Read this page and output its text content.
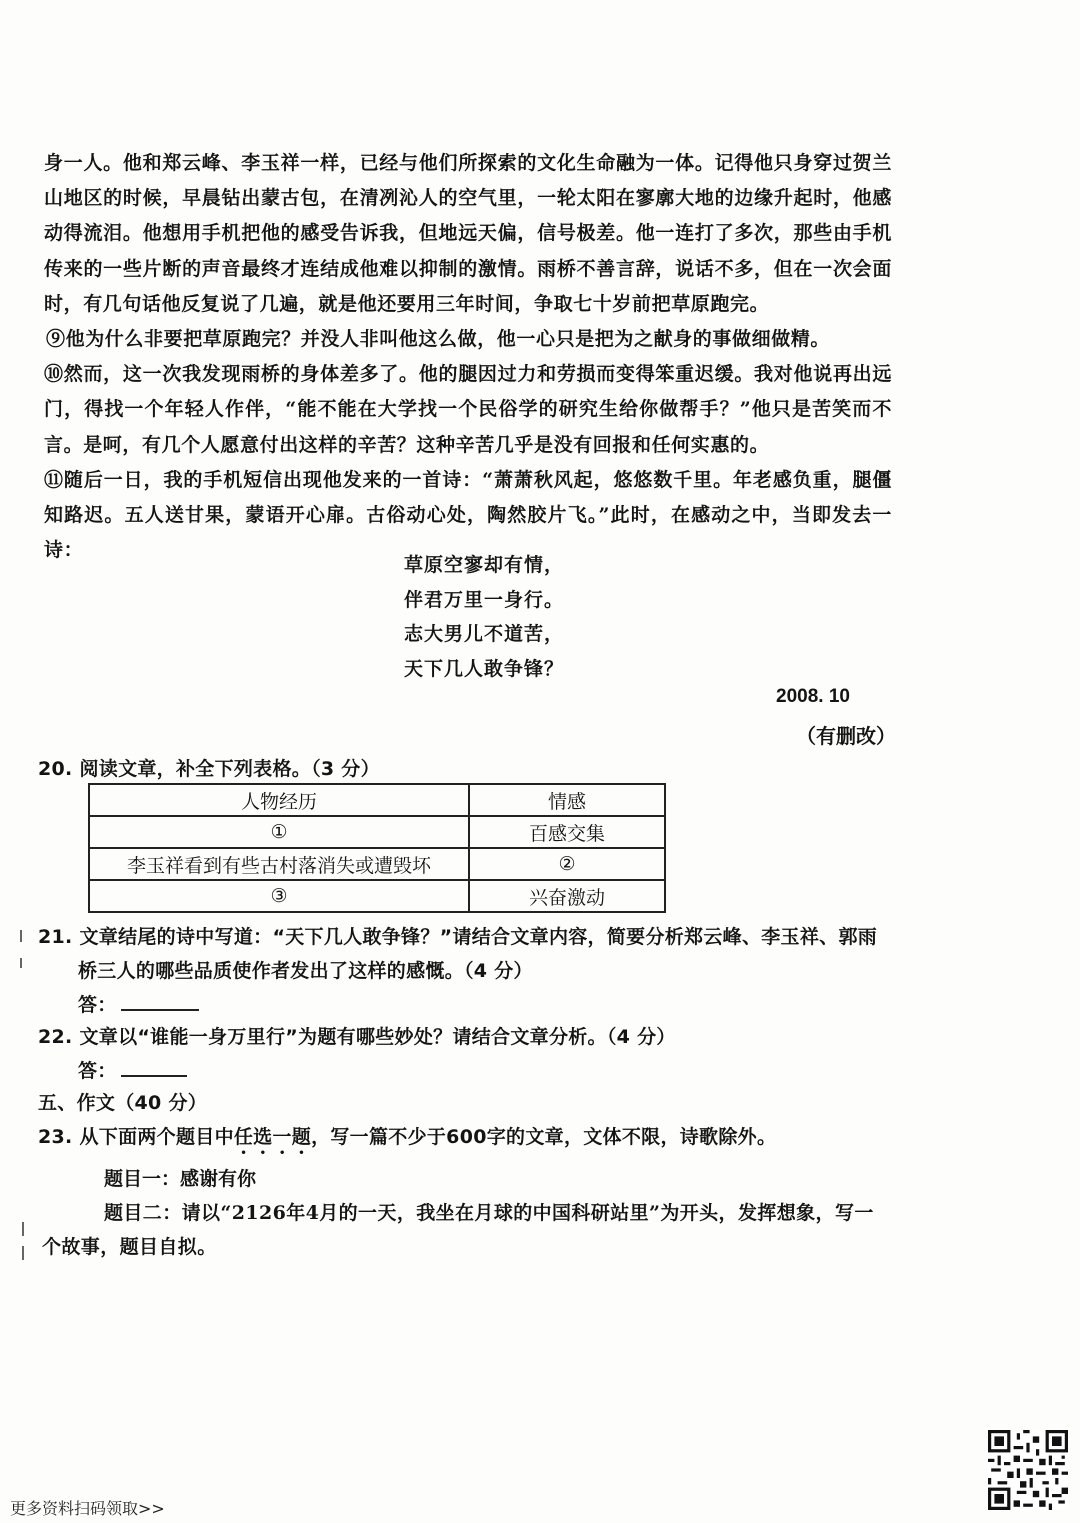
身一人。他和郑云峰、李玉祥一样，已经与他们所探索的文化生命融为一体。记得他只身穿过贺兰山地区的时候，早晨钻出蒙古包，在清冽沁人的空气里，一轮太阳在寥廓大地的边缘升起时，他感动得流泪。他想用手机把他的感受告诉我，但地远天偏，信号极差。他一连打了多次，那些由手机传来的一些片断的声音最终才连结成他难以抑制的激情。雨桥不善言辞，说话不多，但在一次会面时，有几句话他反复说了几遍，就是他还要用三年时间，争取七十岁前把草原跑完。

⑨他为什么非要把草原跑完？并没人非叫他这么做，他一心只是把为之献身的事做细做精。

⑩然而，这一次我发现雨桥的身体差多了。他的腿因过力和劳损而变得笨重迟缓。我对他说再出远门，得找一个年轻人作伴，“能不能在大学找一个民俗学的研究生给你做帮手？”他只是苦笑而不言。是呵，有几个人愿意付出这样的辛苦？这种辛苦几乎是没有回报和任何实惠的。

⑪随后一日，我的手机短信出现他发来的一首诗：“萧萧秋风起，悠悠数千里。年老感负重，腿僵知路迟。五人送甘果，蒙语开心扉。古俗动心处，陶然胶片飞。”此时，在感动之中，当即发去一诗：

草原空寥却有情，
伴君万里一身行。
志大男儿不道苦，
天下几人敢争锋？
2008. 10
（有删改）
20. 阅读文章，补全下列表格。（3 分）
人物经历	情感
①	百感交集
李玉祥看到有些古村落消失或遭毁坏	②
③	兴奋激动
21. 文章结尾的诗中写道：“天下几人敢争锋？”请结合文章内容，简要分析郑云峰、李玉祥、郭雨
桥三人的哪些品质使作者发出了这样的感慨。（4 分）
答：
22. 文章以“谁能一身万里行”为题有哪些妙处？请结合文章分析。（4 分）
答：
五、作文（40 分）
23. 从下面两个题目中任选一题，写一篇不少于600字的文章，文体不限，诗歌除外。
题目一：感谢有你
题目二：请以“2126年4月的一天，我坐在月球的中国科研站里”为开头，发挥想象，写一个故事，题目自拟。
更多资料扫码领取>>
